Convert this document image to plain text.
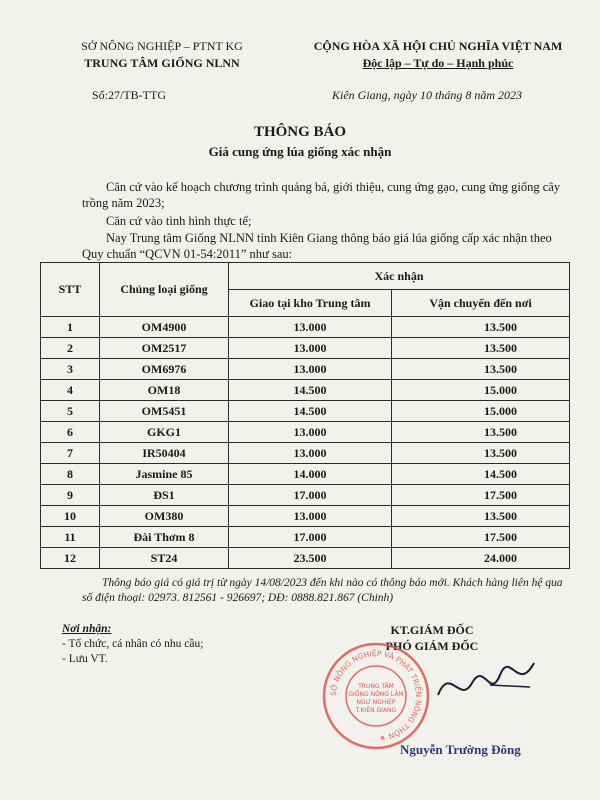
SỞ NÔNG NGHIỆP – PTNT KG
TRUNG TÂM GIỐNG NLNN
CỘNG HÒA XÃ HỘI CHỦ NGHĨA VIỆT NAM
Độc lập – Tự do – Hạnh phúc
Số:27/TB-TTG	Kiên Giang, ngày 10 tháng 8 năm 2023
THÔNG BÁO
Giá cung ứng lúa giống xác nhận
Căn cứ vào kế hoạch chương trình quảng bá, giới thiệu, cung ứng gạo, cung ứng giống cây trồng năm 2023;
Căn cứ vào tình hình thực tế;
Nay Trung tâm Giống NLNN tỉnh Kiên Giang thông báo giá lúa giống cấp xác nhận theo Quy chuẩn “QCVN 01-54:2011” như sau:
STT	Chủng loại giống	Xác nhận	
		Giao tại kho Trung tâm	Vận chuyển đến nơi
1	OM4900	13.000	13.500
2	OM2517	13.000	13.500
3	OM6976	13.000	13.500
4	OM18	14.500	15.000
5	OM5451	14.500	15.000
6	GKG1	13.000	13.500
7	IR50404	13.000	13.500
8	Jasmine 85	14.000	14.500
9	ĐS1	17.000	17.500
10	OM380	13.000	13.500
11	Đài Thơm 8	17.000	17.500
12	ST24	23.500	24.000
Thông báo giá có giá trị từ ngày 14/08/2023 đến khi nào có thông báo mới. Khách hàng liên hệ qua số điện thoại: 02973. 812561 - 926697; DĐ: 0888.821.867 (Chinh)
Nơi nhận:
- Tổ chức, cá nhân có nhu cầu;
- Lưu VT.
KT.GIÁM ĐỐC
PHÓ GIÁM ĐỐC
SỞ NÔNG NGHIỆP VÀ PHÁT TRIỂN NÔNG THÔN ★
TRUNG TÂM
GIỐNG NÔNG LÂM
NGƯ NGHIỆP
T.KIÊN GIANG
Nguyễn Trường Đông
